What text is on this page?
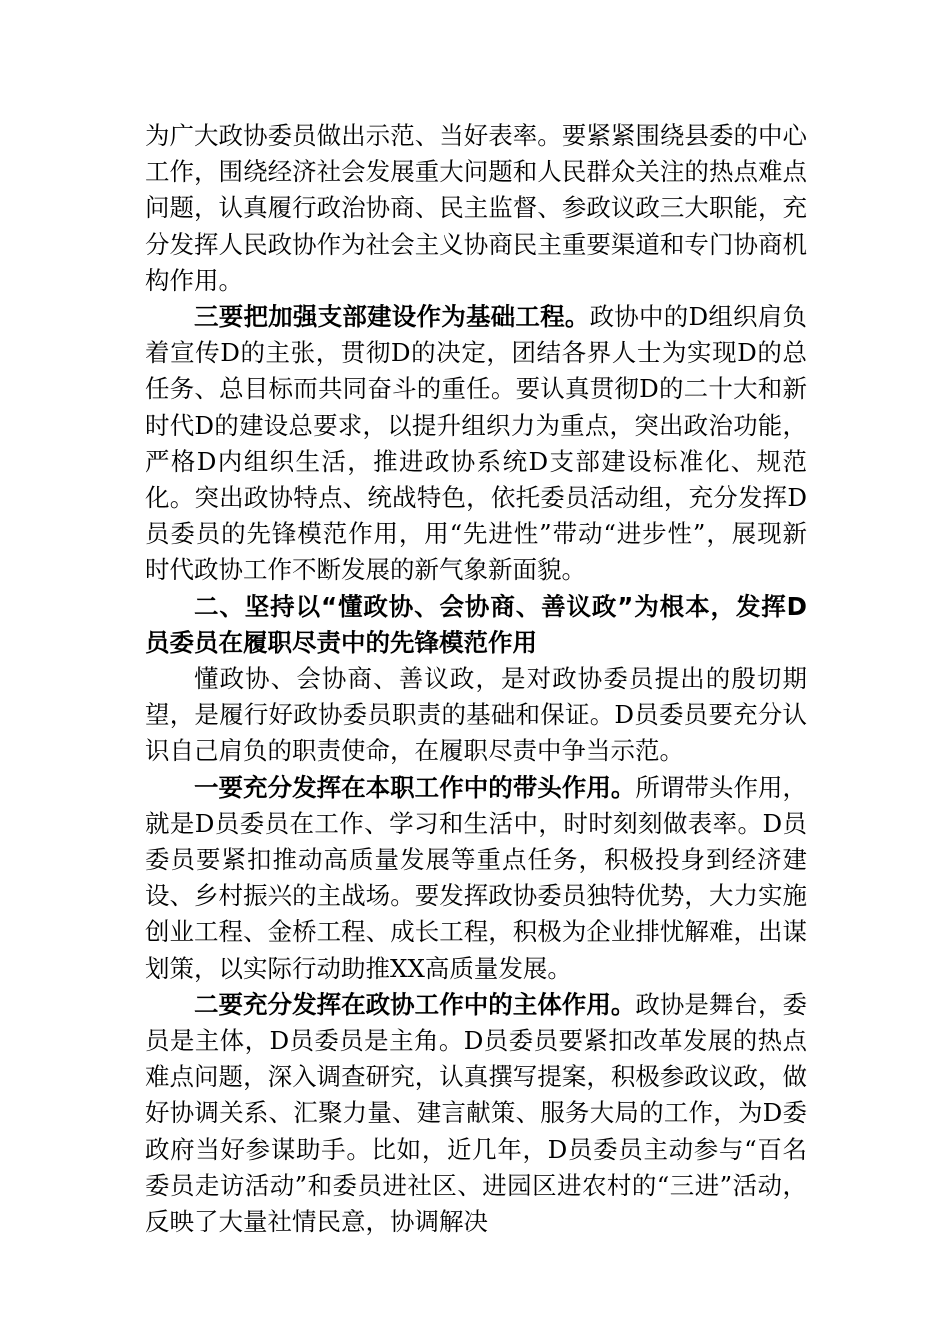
为广大政协委员做出示范、当好表率。要紧紧围绕县委的中心工作，围绕经济社会发展重大问题和人民群众关注的热点难点问题，认真履行政治协商、民主监督、参政议政三大职能，充分发挥人民政协作为社会主义协商民主重要渠道和专门协商机构作用。

三要把加强支部建设作为基础工程。政协中的D组织肩负着宣传D的主张，贯彻D的决定，团结各界人士为实现D的总任务、总目标而共同奋斗的重任。要认真贯彻D的二十大和新时代D的建设总要求，以提升组织力为重点，突出政治功能，严格D内组织生活，推进政协系统D支部建设标准化、规范化。突出政协特点、统战特色，依托委员活动组，充分发挥D员委员的先锋模范作用，用“先进性”带动“进步性”，展现新时代政协工作不断发展的新气象新面貌。

二、坚持以“懂政协、会协商、善议政”为根本，发挥D员委员在履职尽责中的先锋模范作用

懂政协、会协商、善议政，是对政协委员提出的殷切期望，是履行好政协委员职责的基础和保证。D员委员要充分认识自己肩负的职责使命，在履职尽责中争当示范。

一要充分发挥在本职工作中的带头作用。所谓带头作用，就是D员委员在工作、学习和生活中，时时刻刻做表率。D员委员要紧扣推动高质量发展等重点任务，积极投身到经济建设、乡村振兴的主战场。要发挥政协委员独特优势，大力实施创业工程、金桥工程、成长工程，积极为企业排忧解难，出谋划策，以实际行动助推XX高质量发展。

二要充分发挥在政协工作中的主体作用。政协是舞台，委员是主体，D员委员是主角。D员委员要紧扣改革发展的热点难点问题，深入调查研究，认真撰写提案，积极参政议政，做好协调关系、汇聚力量、建言献策、服务大局的工作，为D委政府当好参谋助手。比如，近几年，D员委员主动参与“百名委员走访活动”和委员进社区、进园区进农村的“三进”活动，反映了大量社情民意，协调解决
